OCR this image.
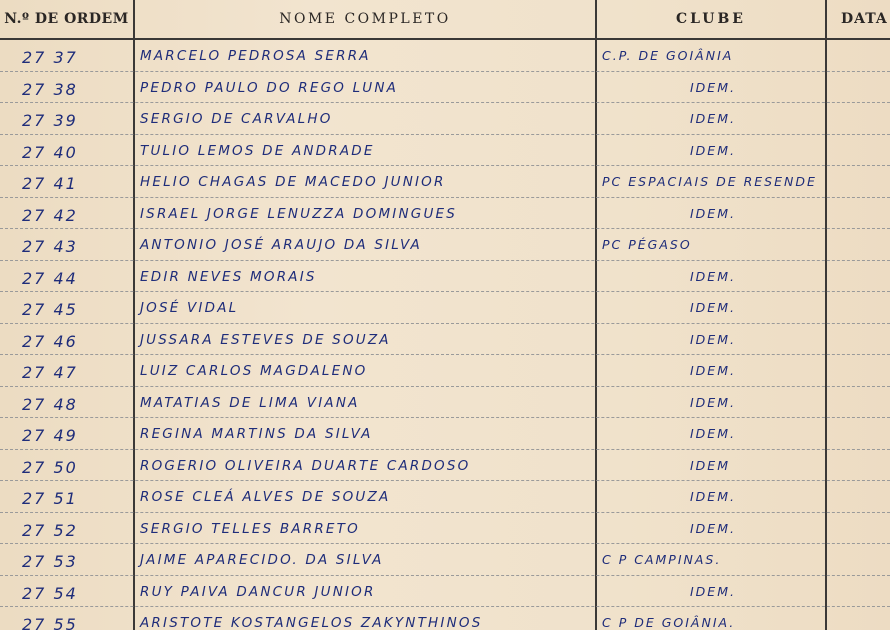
N.º DE ORDEM	NOME COMPLETO	CLUBE	DATA
27 37	MARCELO PEDROSA SERRA	C.P. DE GOIÂNIA
27 38	PEDRO PAULO DO REGO LUNA	IDEM.
27 39	SERGIO DE CARVALHO	IDEM.
27 40	TULIO LEMOS DE ANDRADE	IDEM.
27 41	HELIO CHAGAS DE MACEDO JUNIOR	PC ESPACIAIS DE RESENDE
27 42	ISRAEL JORGE LENUZZA DOMINGUES	IDEM.
27 43	ANTONIO JOSÉ ARAUJO DA SILVA	PC PÉGASO
27 44	EDIR NEVES MORAIS	IDEM.
27 45	JOSÉ VIDAL	IDEM.
27 46	JUSSARA ESTEVES DE SOUZA	IDEM.
27 47	LUIZ CARLOS MAGDALENO	IDEM.
27 48	MATATIAS DE LIMA VIANA	IDEM.
27 49	REGINA MARTINS DA SILVA	IDEM.
27 50	ROGERIO OLIVEIRA DUARTE CARDOSO	IDEM
27 51	ROSE CLEÁ ALVES DE SOUZA	IDEM.
27 52	SERGIO TELLES BARRETO	IDEM.
27 53	JAIME APARECIDO. DA SILVA	C P CAMPINAS.
27 54	RUY PAIVA DANCUR JUNIOR	IDEM.
27 55	ARISTOTE KOSTANGELOS ZAKYNTHINOS	C P DE GOIÂNIA.
